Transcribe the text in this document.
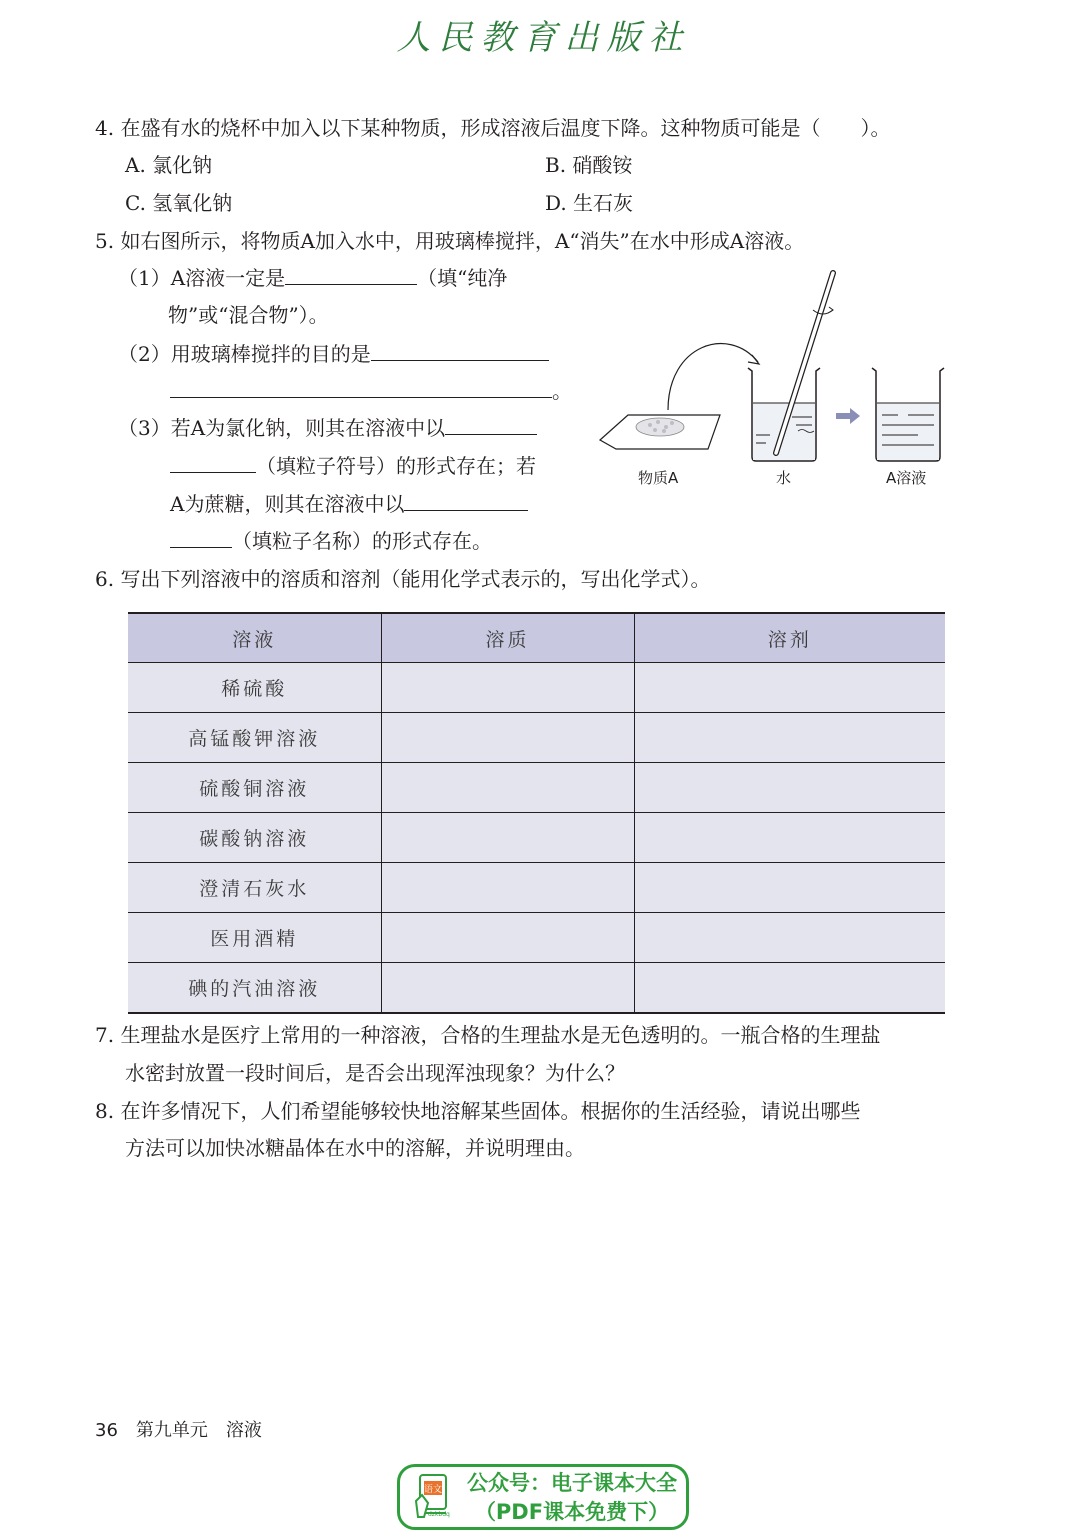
人民教育出版社
4. 在盛有水的烧杯中加入以下某种物质，形成溶液后温度下降。这种物质可能是（　　）。
A. 氯化钠	B. 硝酸铵
C. 氢氧化钠	D. 生石灰
5. 如右图所示，将物质A加入水中，用玻璃棒搅拌，A“消失”在水中形成A溶液。
（1）A溶液一定是	（填“纯净
物”或“混合物”）。
（2）用玻璃棒搅拌的目的是
。
（3）若A为氯化钠，则其在溶液中以
（填粒子符号）的形式存在；若
A为蔗糖，则其在溶液中以
（填粒子名称）的形式存在。
物质A	水	A溶液
6. 写出下列溶液中的溶质和溶剂（能用化学式表示的，写出化学式）。
溶液	溶质	溶剂
稀硫酸		
高锰酸钾溶液		
硫酸铜溶液		
碳酸钠溶液		
澄清石灰水		
医用酒精		
碘的汽油溶液		
7. 生理盐水是医疗上常用的一种溶液，合格的生理盐水是无色透明的。一瓶合格的生理盐
水密封放置一段时间后，是否会出现浑浊现象？为什么？
8. 在许多情况下，人们希望能够较快地溶解某些固体。根据你的生活经验，请说出哪些
方法可以加快冰糖晶体在水中的溶解，并说明理由。
36 第九单元　溶液
语文
dzkbdq
公众号：电子课本大全
（PDF课本免费下）
